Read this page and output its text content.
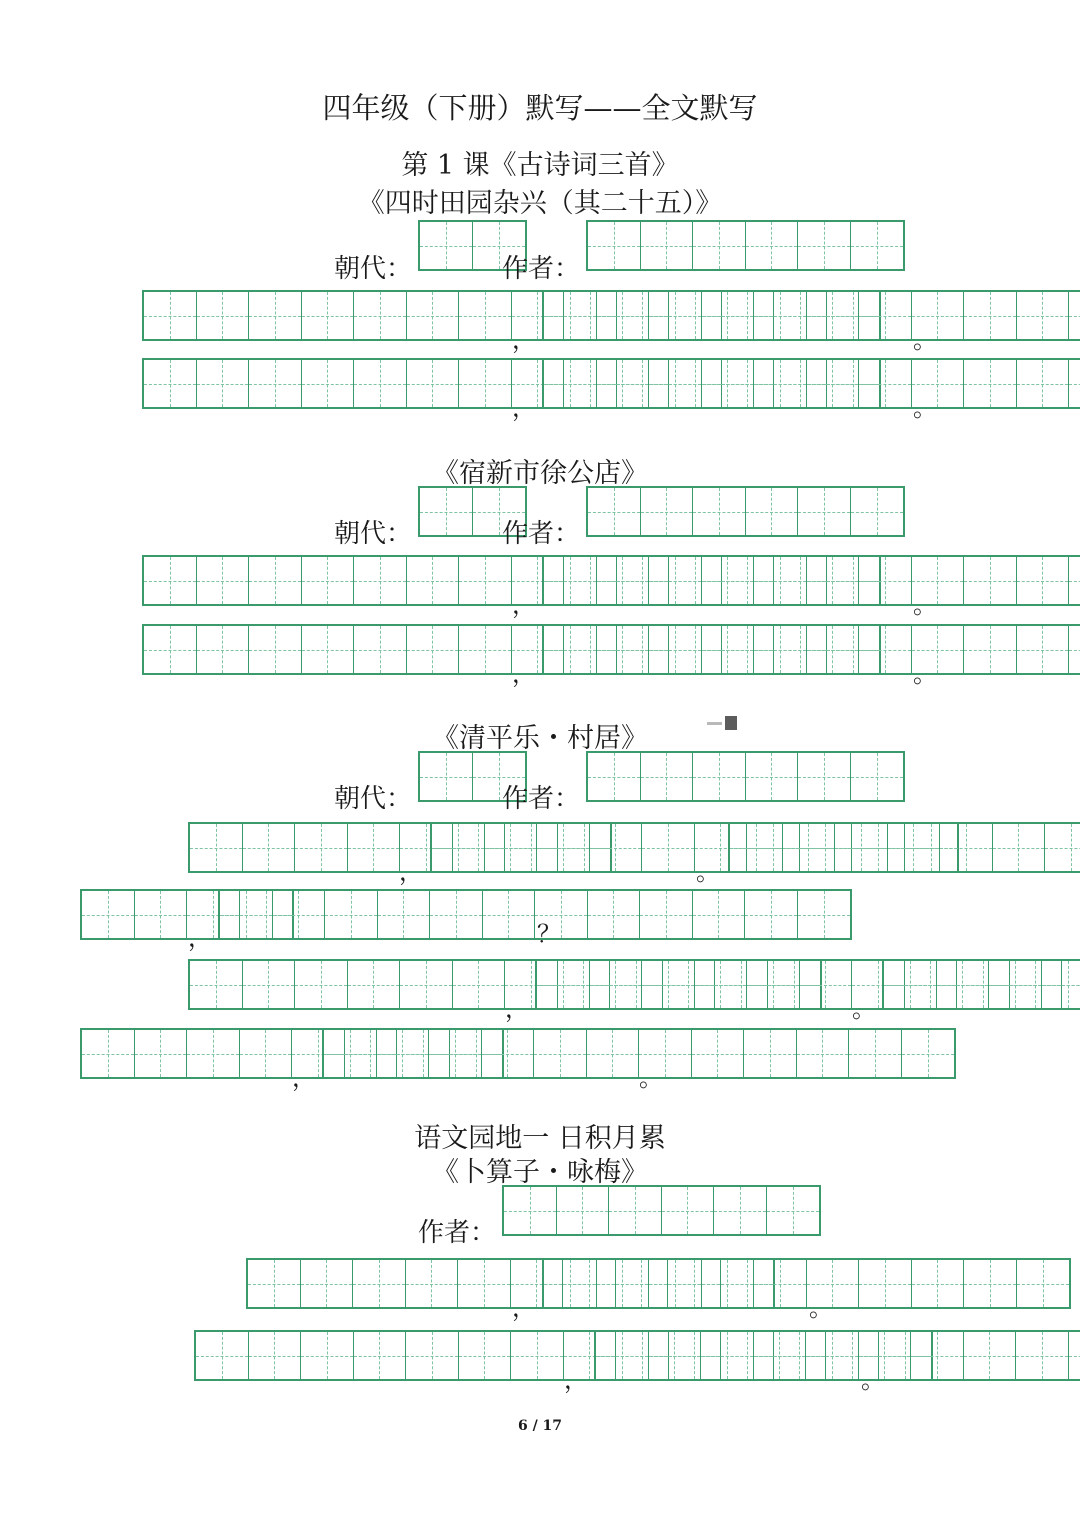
四年级（下册）默写——全文默写
第 1 课《古诗词三首》
《四时田园杂兴（其二十五）》
朝代：	作者：
，	。
，	。
《宿新市徐公店》
朝代：	作者：
，	。
，	。
《清平乐・村居》
朝代：	作者：
，	。
，	？
，	。
，	。
语文园地一 日积月累
《卜算子・咏梅》
作者：
，	。
，	。
6 / 17
